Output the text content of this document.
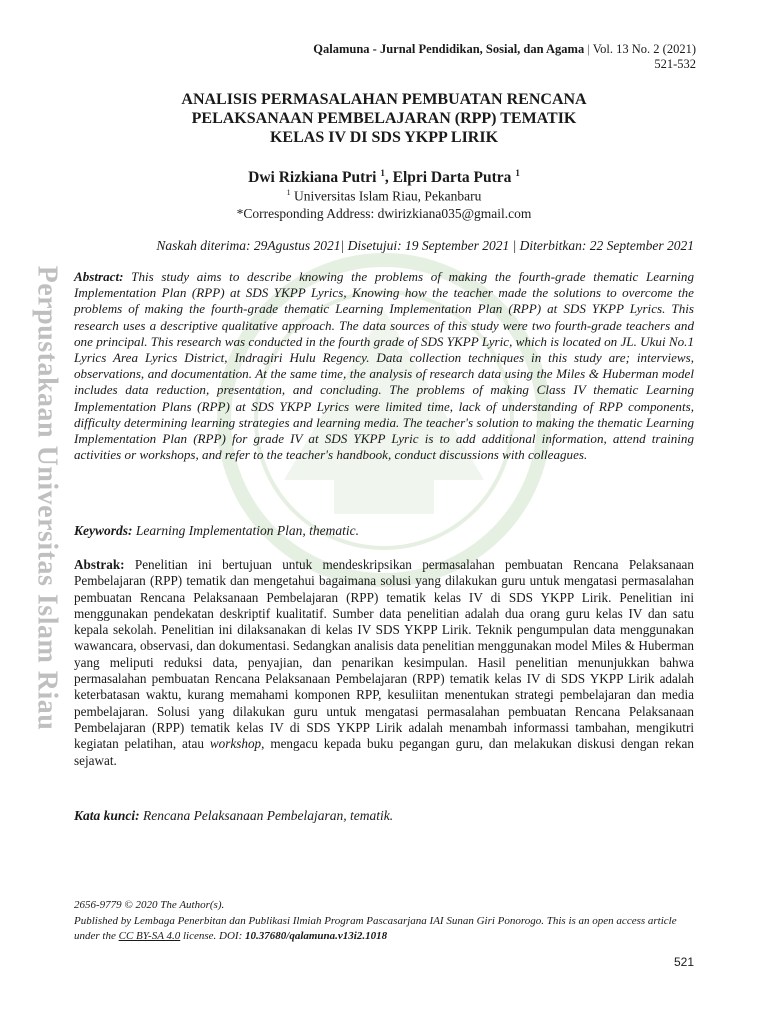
Perpustakaan Universitas Islam Riau
Qalamuna - Jurnal Pendidikan, Sosial, dan Agama | Vol. 13 No. 2 (2021)
521-532
ANALISIS PERMASALAHAN PEMBUATAN RENCANA
PELAKSANAAN PEMBELAJARAN (RPP) TEMATIK
KELAS IV DI SDS YKPP LIRIK
Dwi Rizkiana Putri $^1$, Elpri Darta Putra $^1$
$^1$ Universitas Islam Riau, Pekanbaru
*Corresponding Address: dwirizkiana035@gmail.com
Naskah diterima: 29Agustus 2021| Disetujui: 19 September 2021 | Diterbitkan: 22 September 2021
Abstract: This study aims to describe knowing the problems of making the fourth-grade thematic Learning Implementation Plan (RPP) at SDS YKPP Lyrics, Knowing how the teacher made the solutions to overcome the problems of making the fourth-grade thematic Learning Implementation Plan (RPP) at SDS YKPP Lyrics. This research uses a descriptive qualitative approach. The data sources of this study were two fourth-grade teachers and one principal. This research was conducted in the fourth grade of SDS YKPP Lyric, which is located on JL. Ukui No.1 Lyrics Area Lyrics District, Indragiri Hulu Regency. Data collection techniques in this study are; interviews, observations, and documentation. At the same time, the analysis of research data using the Miles & Huberman model includes data reduction, presentation, and concluding. The problems of making Class IV thematic Learning Implementation Plans (RPP) at SDS YKPP Lyrics were limited time, lack of understanding of RPP components, difficulty determining learning strategies and learning media. The teacher's solution to making the thematic Learning Implementation Plan (RPP) for grade IV at SDS YKPP Lyric is to add additional information, attend training activities or workshops, and refer to the teacher's handbook, conduct discussions with colleagues.
Keywords: Learning Implementation Plan, thematic.
Abstrak: Penelitian ini bertujuan untuk mendeskripsikan permasalahan pembuatan Rencana Pelaksanaan Pembelajaran (RPP) tematik dan mengetahui bagaimana solusi yang dilakukan guru untuk mengatasi permasalahan pembuatan Rencana Pelaksanaan Pembelajaran (RPP) tematik kelas IV di SDS YKPP Lirik. Penelitian ini menggunakan pendekatan deskriptif kualitatif. Sumber data penelitian adalah dua orang guru kelas IV dan satu kepala sekolah. Penelitian ini dilaksanakan di kelas IV SDS YKPP Lirik. Teknik pengumpulan data menggunakan wawancara, observasi, dan dokumentasi. Sedangkan analisis data penelitian menggunakan model Miles & Huberman yang meliputi reduksi data, penyajian, dan penarikan kesimpulan. Hasil penelitian menunjukkan bahwa permasalahan pembuatan Rencana Pelaksanaan Pembelajaran (RPP) tematik kelas IV di SDS YKPP Lirik adalah keterbatasan waktu, kurang memahami komponen RPP, kesuliitan menentukan strategi pembelajaran dan media pembelajaran. Solusi yang dilakukan guru untuk mengatasi permasalahan pembuatan Rencana Pelaksanaan Pembelajaran (RPP) tematik kelas IV di SDS YKPP Lirik adalah menambah informassi tambahan, mengikutri kegiatan pelatihan, atau workshop, mengacu kepada buku pegangan guru, dan melakukan diskusi dengan rekan sejawat.
Kata kunci: Rencana Pelaksanaan Pembelajaran, tematik.
2656-9779 © 2020 The Author(s).
Published by Lembaga Penerbitan dan Publikasi Ilmiah Program Pascasarjana IAI Sunan Giri Ponorogo. This is an open access article under the CC BY-SA 4.0 license. DOI: 10.37680/qalamuna.v13i2.1018
521
